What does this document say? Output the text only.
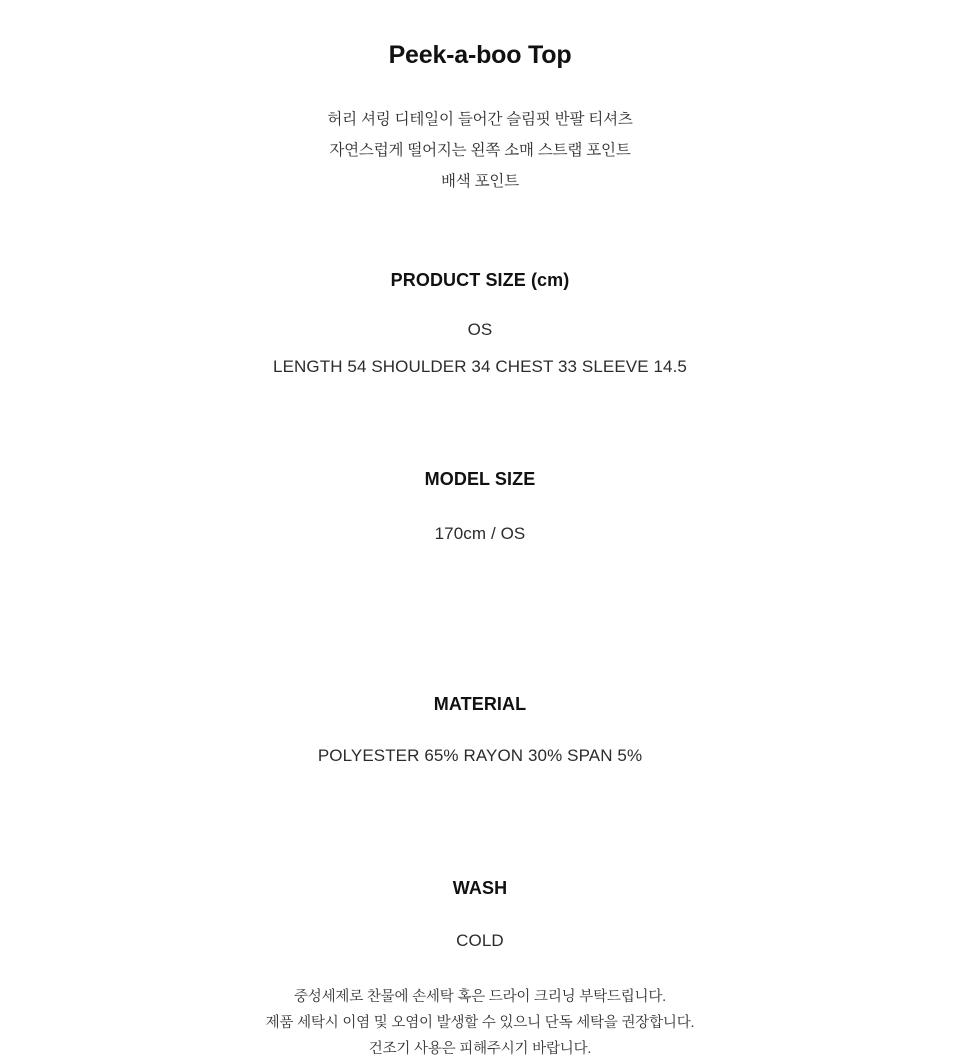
Peek-a-boo Top
허리 셔링 디테일이 들어간 슬림핏 반팔 티셔츠
자연스럽게 떨어지는 왼쪽 소매 스트랩 포인트
배색 포인트
PRODUCT SIZE (cm)
OS
LENGTH 54 SHOULDER 34 CHEST 33 SLEEVE 14.5
MODEL SIZE
170cm / OS
MATERIAL
POLYESTER 65% RAYON 30% SPAN 5%
WASH
COLD
중성세제로 찬물에 손세탁 혹은 드라이 크리닝 부탁드립니다.
제품 세탁시 이염 및 오염이 발생할 수 있으니 단독 세탁을 권장합니다.
건조기 사용은 피해주시기 바랍니다.
